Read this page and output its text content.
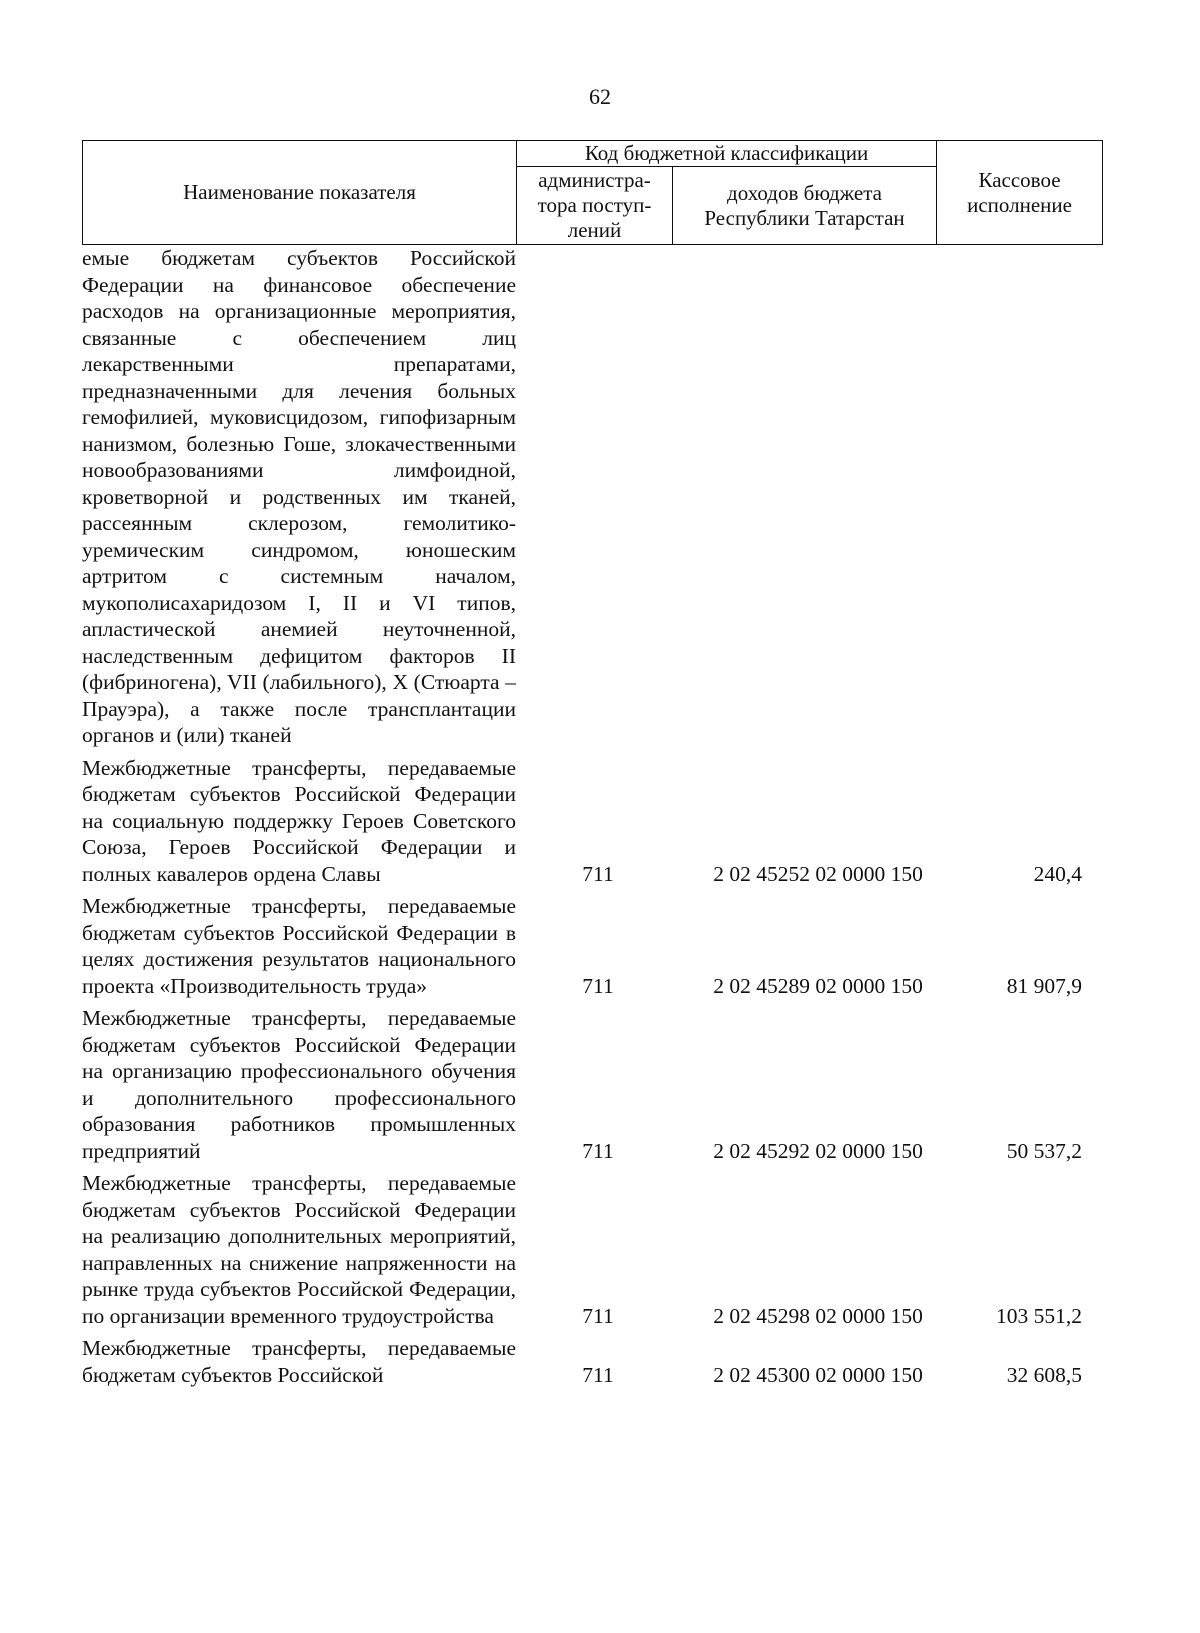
62
Наименование показателя	Код бюджетной классификации		Кассовое исполнение
	администра-тора поступ-лений	доходов бюджета Республики Татарстан	
емые бюджетам субъектов Российской Федерации на финансовое обеспечение расходов на организационные мероприятия, связанные с обеспечением лиц лекарственными препаратами, предназначенными для лечения больных гемофилией, муковисцидозом, гипофизарным нанизмом, болезнью Гоше, злокачественными новообразованиями лимфоидной, кроветворной и родственных им тканей, рассеянным склерозом, гемолитико-уремическим синдромом, юношеским артритом с системным началом, мукополисахаридозом I, II и VI типов, апластической анемией неуточненной, наследственным дефицитом факторов II (фибриногена), VII (лабильного), X (Стюарта – Прауэра), а также после трансплантации органов и (или) тканей
Межбюджетные трансферты, передаваемые бюджетам субъектов Российской Федерации на социальную поддержку Героев Советского Союза, Героев Российской Федерации и полных кавалеров ордена Славы	711	2 02 45252 02 0000 150	240,4
Межбюджетные трансферты, передаваемые бюджетам субъектов Российской Федерации в целях достижения результатов национального проекта «Производительность труда»	711	2 02 45289 02 0000 150	81 907,9
Межбюджетные трансферты, передаваемые бюджетам субъектов Российской Федерации на организацию профессионального обучения и дополнительного профессионального образования работников промышленных предприятий	711	2 02 45292 02 0000 150	50 537,2
Межбюджетные трансферты, передаваемые бюджетам субъектов Российской Федерации на реализацию дополнительных мероприятий, направленных на снижение напряженности на рынке труда субъектов Российской Федерации, по организации временного трудоустройства	711	2 02 45298 02 0000 150	103 551,2
Межбюджетные трансферты, передаваемые бюджетам субъектов Российской	711	2 02 45300 02 0000 150	32 608,5
